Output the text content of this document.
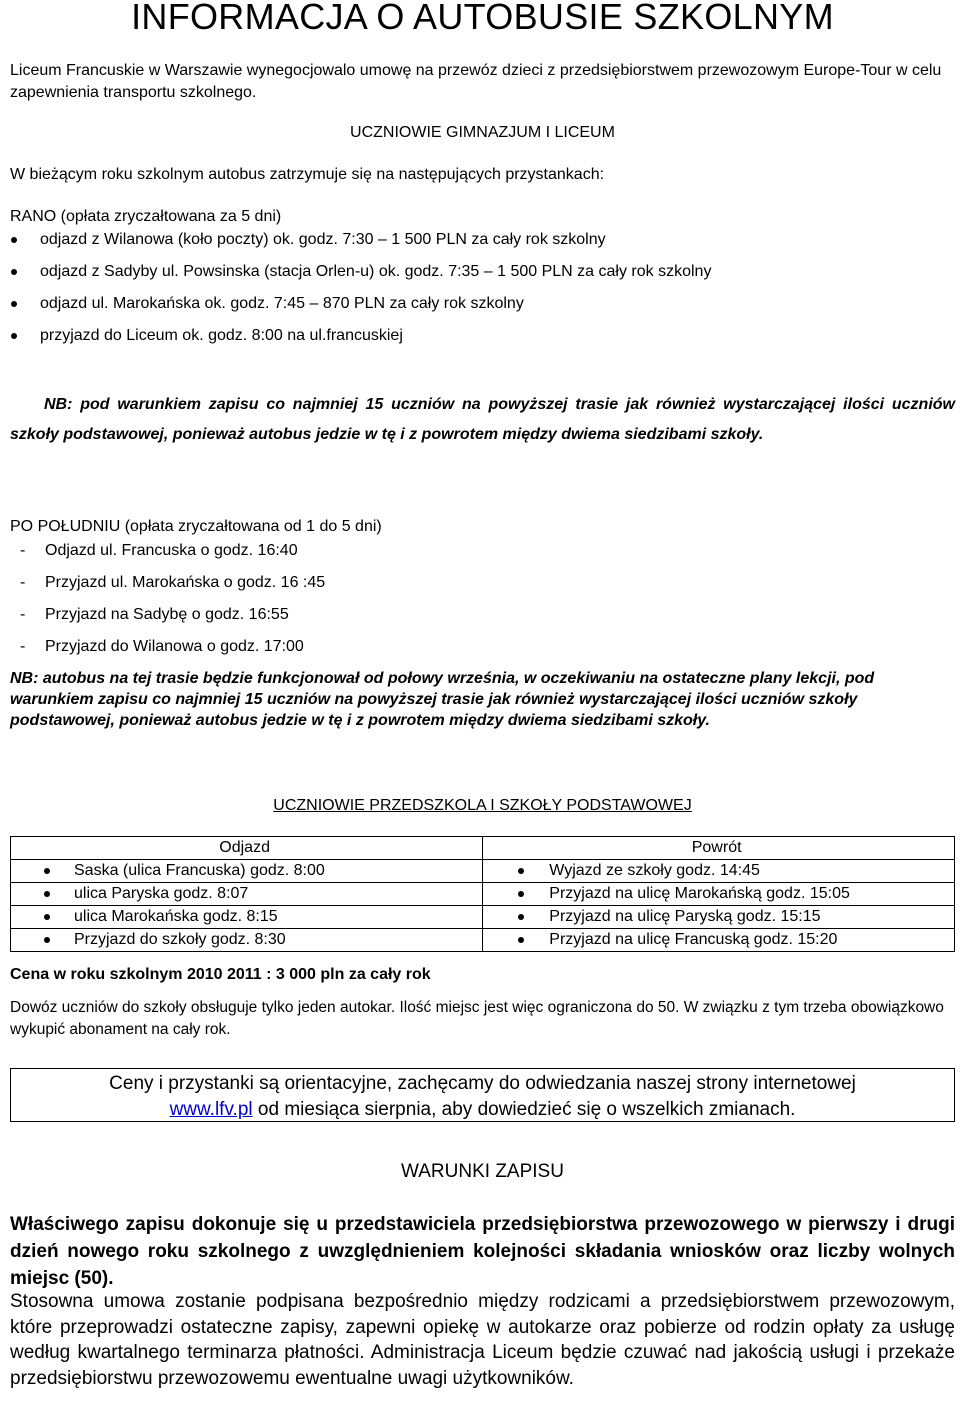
INFORMACJA O AUTOBUSIE SZKOLNYM
Liceum Francuskie w Warszawie wynegocjowalo umowę na przewóz dzieci z przedsiębiorstwem przewozowym Europe-Tour w celu zapewnienia transportu szkolnego.
UCZNIOWIE GIMNAZJUM I LICEUM
W bieżącym roku szkolnym autobus zatrzymuje się na następujących przystankach:
RANO (opłata zryczałtowana za 5 dni)
odjazd z Wilanowa (koło poczty) ok. godz. 7:30 – 1 500 PLN za cały rok szkolny
odjazd z Sadyby ul. Powsinska (stacja Orlen-u) ok. godz. 7:35 – 1 500 PLN za cały rok szkolny
odjazd ul. Marokańska ok. godz. 7:45 – 870 PLN za cały rok szkolny
przyjazd do Liceum ok. godz. 8:00 na ul.francuskiej
NB: pod warunkiem zapisu co najmniej 15 uczniów na powyższej trasie jak również wystarczającej ilości uczniów szkoły podstawowej, ponieważ autobus jedzie w tę i z powrotem między dwiema siedzibami szkoły.
PO POŁUDNIU (opłata zryczałtowana od 1 do 5 dni)
- Odjazd ul. Francuska o godz. 16:40
- Przyjazd ul. Marokańska o godz. 16 :45
- Przyjazd na Sadybę o godz. 16:55
- Przyjazd do Wilanowa o godz. 17:00
NB: autobus na tej trasie będzie funkcjonował od połowy września, w oczekiwaniu na ostateczne plany lekcji, pod warunkiem zapisu co najmniej 15 uczniów na powyższej trasie jak również wystarczającej ilości uczniów szkoły podstawowej, ponieważ autobus jedzie w tę i z powrotem między dwiema siedzibami szkoły.
UCZNIOWIE PRZEDSZKOLA I SZKOŁY PODSTAWOWEJ
Odjazd	Powrót
Saska (ulica Francuska) godz. 8:00	Wyjazd ze szkoły godz. 14:45
ulica Paryska godz. 8:07	Przyjazd na ulicę Marokańską godz. 15:05
ulica Marokańska godz. 8:15	Przyjazd na ulicę Paryską godz. 15:15
Przyjazd do szkoły godz. 8:30	Przyjazd na ulicę Francuską godz. 15:20
Cena w roku szkolnym 2010 2011 : 3 000 pln za cały rok
Dowóz uczniów do szkoły obsługuje tylko jeden autokar. Ilość miejsc jest więc ograniczona do 50. W związku z tym trzeba obowiązkowo wykupić abonament na cały rok.
Ceny i przystanki są orientacyjne, zachęcamy do odwiedzania naszej strony internetowej
www.lfv.pl od miesiąca sierpnia, aby dowiedzieć się o wszelkich zmianach.
WARUNKI ZAPISU
Właściwego zapisu dokonuje się u przedstawiciela przedsiębiorstwa przewozowego w pierwszy i drugi dzień nowego roku szkolnego z uwzględnieniem kolejności składania wniosków oraz liczby wolnych miejsc (50).
Stosowna umowa zostanie podpisana bezpośrednio między rodzicami a przedsiębiorstwem przewozowym, które przeprowadzi ostateczne zapisy, zapewni opiekę w autokarze oraz pobierze od rodzin opłaty za usługę według kwartalnego terminarza płatności. Administracja Liceum będzie czuwać nad jakością usługi i przekaże przedsiębiorstwu przewozowemu ewentualne uwagi użytkowników.
